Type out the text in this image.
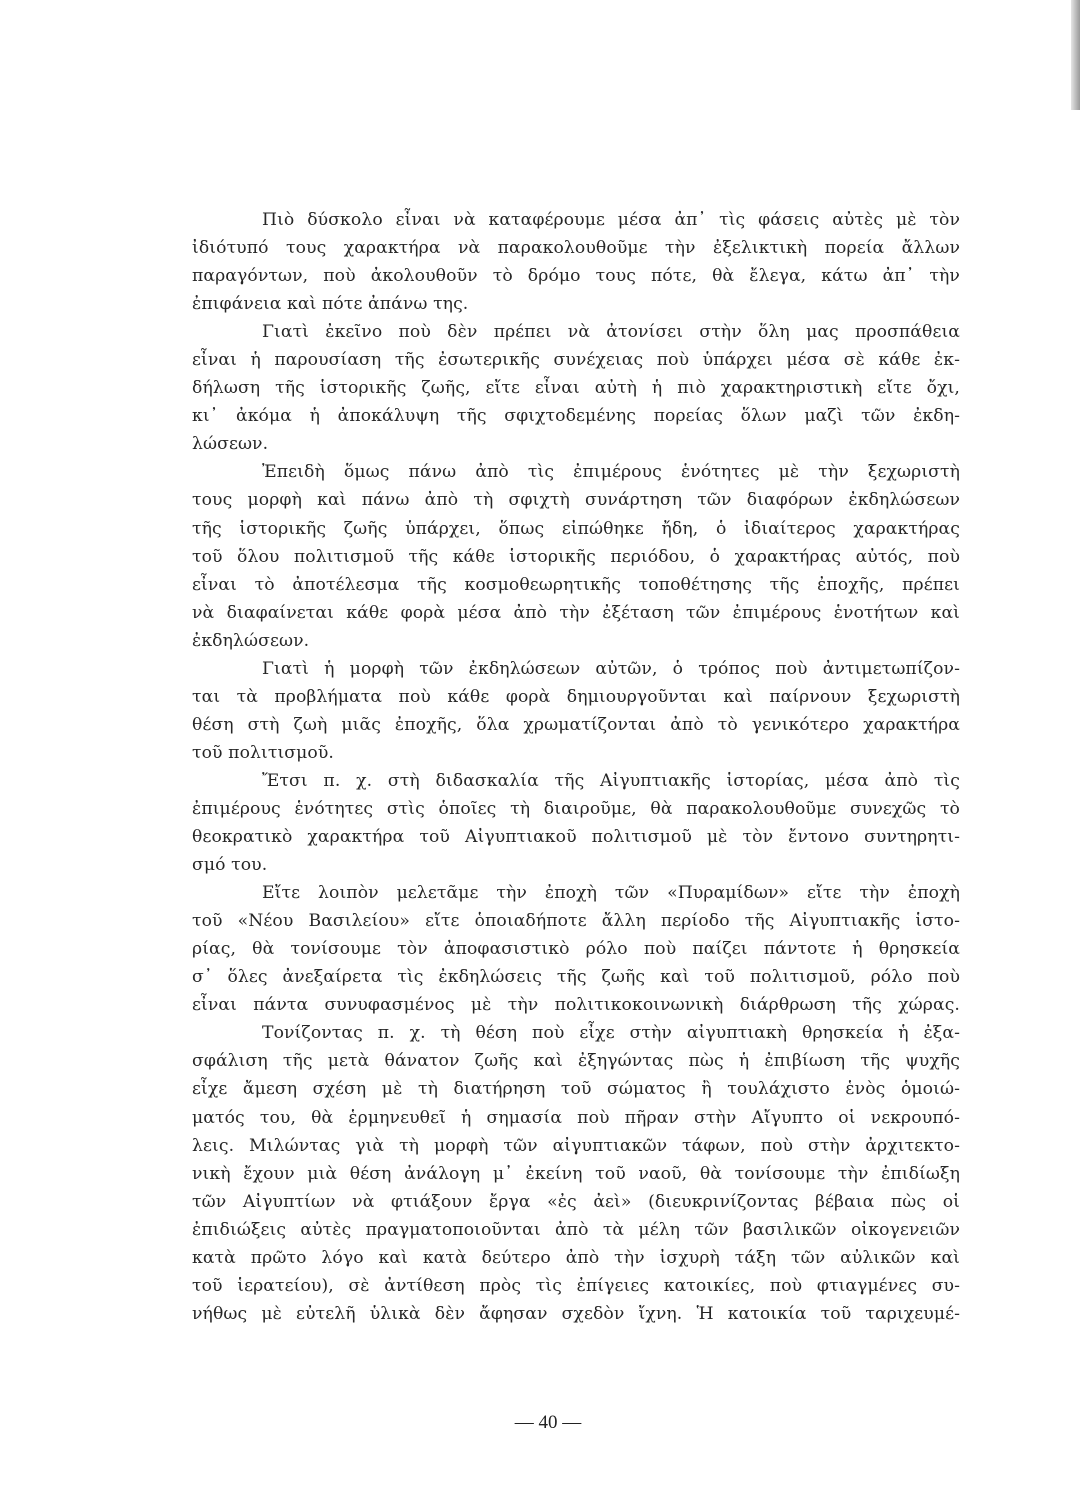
Πιὸ δύσκολο εἶναι νὰ καταφέρουμε μέσα ἀπ᾿ τὶς φάσεις αὐτὲς μὲ τὸν
ἰδιότυπό τους χαρακτήρα νὰ παρακολουθοῦμε τὴν ἐξελικτικὴ πορεία ἄλλων
παραγόντων, ποὺ ἀκολουθοῦν τὸ δρόμο τους πότε, θὰ ἔλεγα, κάτω ἀπ᾿ τὴν
ἐπιφάνεια καὶ πότε ἀπάνω της.
Γιατὶ ἐκεῖνο ποὺ δὲν πρέπει νὰ ἀτονίσει στὴν ὅλη μας προσπάθεια
εἶναι ἡ παρουσίαση τῆς ἐσωτερικῆς συνέχειας ποὺ ὑπάρχει μέσα σὲ κάθε ἐκ-
δήλωση τῆς ἱστορικῆς ζωῆς, εἴτε εἶναι αὐτὴ ἡ πιὸ χαρακτηριστικὴ εἴτε ὄχι,
κι᾿ ἀκόμα ἡ ἀποκάλυψη τῆς σφιχτοδεμένης πορείας ὅλων μαζὶ τῶν ἐκδη-
λώσεων.
Ἐπειδὴ ὅμως πάνω ἀπὸ τὶς ἐπιμέρους ἑνότητες μὲ τὴν ξεχωριστὴ
τους μορφὴ καὶ πάνω ἀπὸ τὴ σφιχτὴ συνάρτηση τῶν διαφόρων ἐκδηλώσεων
τῆς ἱστορικῆς ζωῆς ὑπάρχει, ὅπως εἰπώθηκε ἤδη, ὁ ἰδιαίτερος χαρακτήρας
τοῦ ὅλου πολιτισμοῦ τῆς κάθε ἱστορικῆς περιόδου, ὁ χαρακτήρας αὐτός, ποὺ
εἶναι τὸ ἀποτέλεσμα τῆς κοσμοθεωρητικῆς τοποθέτησης τῆς ἐποχῆς, πρέπει
νὰ διαφαίνεται κάθε φορὰ μέσα ἀπὸ τὴν ἐξέταση τῶν ἐπιμέρους ἑνοτήτων καὶ
ἐκδηλώσεων.
Γιατὶ ἡ μορφὴ τῶν ἐκδηλώσεων αὐτῶν, ὁ τρόπος ποὺ ἀντιμετωπίζον-
ται τὰ προβλήματα ποὺ κάθε φορὰ δημιουργοῦνται καὶ παίρνουν ξεχωριστὴ
θέση στὴ ζωὴ μιᾶς ἐποχῆς, ὅλα χρωματίζονται ἀπὸ τὸ γενικότερο χαρακτήρα
τοῦ πολιτισμοῦ.
Ἔτσι π. χ. στὴ διδασκαλία τῆς Αἰγυπτιακῆς ἱστορίας, μέσα ἀπὸ τὶς
ἐπιμέρους ἑνότητες στὶς ὁποῖες τὴ διαιροῦμε, θὰ παρακολουθοῦμε συνεχῶς τὸ
θεοκρατικὸ χαρακτήρα τοῦ Αἰγυπτιακοῦ πολιτισμοῦ μὲ τὸν ἔντονο συντηρητι-
σμό του.
Εἴτε λοιπὸν μελετᾶμε τὴν ἐποχὴ τῶν «Πυραμίδων» εἴτε τὴν ἐποχὴ
τοῦ «Νέου Βασιλείου» εἴτε ὁποιαδήποτε ἄλλη περίοδο τῆς Αἰγυπτιακῆς ἱστο-
ρίας, θὰ τονίσουμε τὸν ἀποφασιστικὸ ρόλο ποὺ παίζει πάντοτε ἡ θρησκεία
σ᾿ ὅλες ἀνεξαίρετα τὶς ἐκδηλώσεις τῆς ζωῆς καὶ τοῦ πολιτισμοῦ, ρόλο ποὺ
εἶναι πάντα συνυφασμένος μὲ τὴν πολιτικοκοινωνικὴ διάρθρωση τῆς χώρας.
Τονίζοντας π. χ. τὴ θέση ποὺ εἶχε στὴν αἰγυπτιακὴ θρησκεία ἡ ἐξα-
σφάλιση τῆς μετὰ θάνατον ζωῆς καὶ ἐξηγώντας πὼς ἡ ἐπιβίωση τῆς ψυχῆς
εἶχε ἄμεση σχέση μὲ τὴ διατήρηση τοῦ σώματος ἢ τουλάχιστο ἑνὸς ὁμοιώ-
ματός του, θὰ ἑρμηνευθεῖ ἡ σημασία ποὺ πῆραν στὴν Αἴγυπτο οἱ νεκρουπό-
λεις. Μιλώντας γιὰ τὴ μορφὴ τῶν αἰγυπτιακῶν τάφων, ποὺ στὴν ἀρχιτεκτο-
νικὴ ἔχουν μιὰ θέση ἀνάλογη μ᾿ ἐκείνη τοῦ ναοῦ, θὰ τονίσουμε τὴν ἐπιδίωξη
τῶν Αἰγυπτίων νὰ φτιάξουν ἔργα «ἐς ἀεὶ» (διευκρινίζοντας βέβαια πὼς οἱ
ἐπιδιώξεις αὐτὲς πραγματοποιοῦνται ἀπὸ τὰ μέλη τῶν βασιλικῶν οἰκογενειῶν
κατὰ πρῶτο λόγο καὶ κατὰ δεύτερο ἀπὸ τὴν ἰσχυρὴ τάξη τῶν αὐλικῶν καὶ
τοῦ ἱερατείου), σὲ ἀντίθεση πρὸς τὶς ἐπίγειες κατοικίες, ποὺ φτιαγμένες συ-
νήθως μὲ εὐτελῆ ὑλικὰ δὲν ἄφησαν σχεδὸν ἴχνη. Ἡ κατοικία τοῦ ταριχευμέ-
— 40 —
